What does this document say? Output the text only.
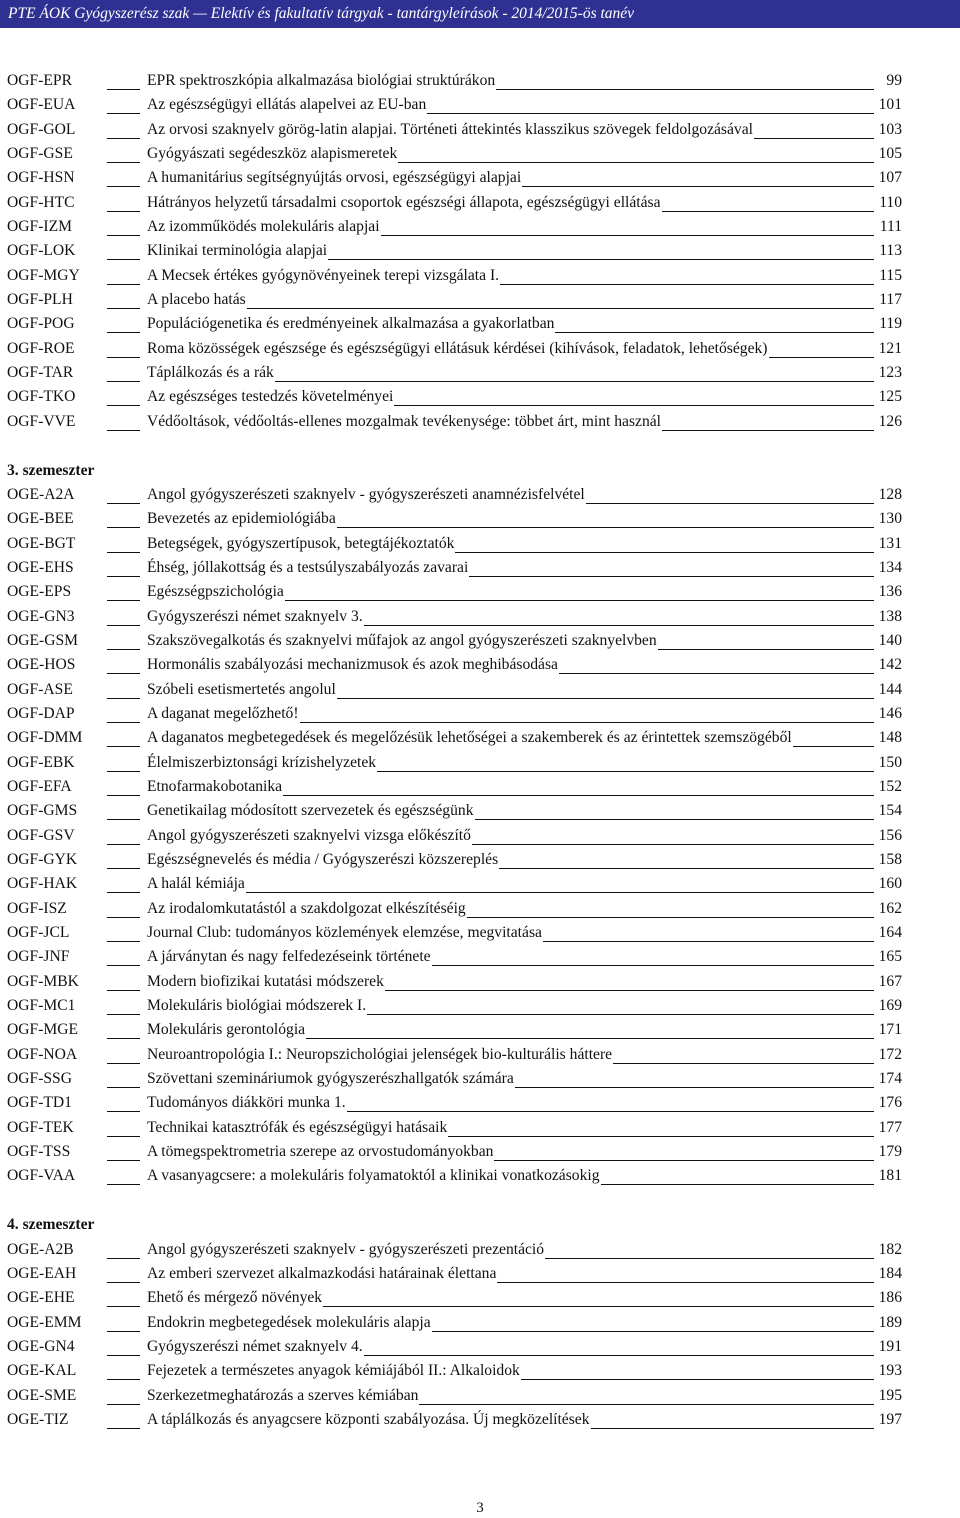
PTE ÁOK Gyógyszerész szak — Elektív és fakultatív tárgyak - tantárgyleírások - 2014/2015-ös tanév
OGF-EPR	EPR spektroszkópia alkalmazása biológiai struktúrákon	99
OGF-EUA	Az egészségügyi ellátás alapelvei az EU-ban	101
OGF-GOL	Az orvosi szaknyelv görög-latin alapjai. Történeti áttekintés klasszikus szövegek feldolgozásával	103
OGF-GSE	Gyógyászati segédeszköz alapismeretek	105
OGF-HSN	A humanitárius segítségnyújtás orvosi, egészségügyi alapjai	107
OGF-HTC	Hátrányos helyzetű társadalmi csoportok egészségi állapota, egészségügyi ellátása	110
OGF-IZM	Az izomműködés molekuláris alapjai	111
OGF-LOK	Klinikai terminológia alapjai	113
OGF-MGY	A Mecsek értékes gyógynövényeinek terepi vizsgálata I.	115
OGF-PLH	A placebo hatás	117
OGF-POG	Populációgenetika és eredményeinek alkalmazása a gyakorlatban	119
OGF-ROE	Roma közösségek egészsége és egészségügyi ellátásuk kérdései (kihívások, feladatok, lehetőségek)	121
OGF-TAR	Táplálkozás és a rák	123
OGF-TKO	Az egészséges testedzés követelményei	125
OGF-VVE	Védőoltások, védőoltás-ellenes mozgalmak tevékenysége: többet árt, mint használ	126
3. szemeszter
OGE-A2A	Angol gyógyszerészeti szaknyelv - gyógyszerészeti anamnézisfelvétel	128
OGE-BEE	Bevezetés az epidemiológiába	130
OGE-BGT	Betegségek, gyógyszertípusok, betegtájékoztatók	131
OGE-EHS	Éhség, jóllakottság és a testsúlyszabályozás zavarai	134
OGE-EPS	Egészségpszichológia	136
OGE-GN3	Gyógyszerészi német szaknyelv 3.	138
OGE-GSM	Szakszövegalkotás és szaknyelvi műfajok az angol gyógyszerészeti szaknyelvben	140
OGE-HOS	Hormonális szabályozási mechanizmusok és azok meghibásodása	142
OGF-ASE	Szóbeli esetismertetés angolul	144
OGF-DAP	A daganat megelőzhető!	146
OGF-DMM	A daganatos megbetegedések és megelőzésük lehetőségei a szakemberek és az érintettek szemszögéből	148
OGF-EBK	Élelmiszerbiztonsági krízishelyzetek	150
OGF-EFA	Etnofarmakobotanika	152
OGF-GMS	Genetikailag módosított szervezetek és egészségünk	154
OGF-GSV	Angol gyógyszerészeti szaknyelvi vizsga előkészítő	156
OGF-GYK	Egészségnevelés és média / Gyógyszerészi közszereplés	158
OGF-HAK	A halál kémiája	160
OGF-ISZ	Az irodalomkutatástól a szakdolgozat elkészítéséig	162
OGF-JCL	Journal Club: tudományos közlemények elemzése, megvitatása	164
OGF-JNF	A járványtan és nagy felfedezéseink története	165
OGF-MBK	Modern biofizikai kutatási módszerek	167
OGF-MC1	Molekuláris biológiai módszerek I.	169
OGF-MGE	Molekuláris gerontológia	171
OGF-NOA	Neuroantropológia I.: Neuropszichológiai jelenségek bio-kulturális háttere	172
OGF-SSG	Szövettani szemináriumok gyógyszerészhallgatók számára	174
OGF-TD1	Tudományos diákköri munka 1.	176
OGF-TEK	Technikai katasztrófák és egészségügyi hatásaik	177
OGF-TSS	A tömegspektrometria szerepe az orvostudományokban	179
OGF-VAA	A vasanyagcsere: a molekuláris folyamatoktól a klinikai vonatkozásokig	181
4. szemeszter
OGE-A2B	Angol gyógyszerészeti szaknyelv - gyógyszerészeti prezentáció	182
OGE-EAH	Az emberi szervezet alkalmazkodási határainak élettana	184
OGE-EHE	Ehető és mérgező növények	186
OGE-EMM	Endokrin megbetegedések molekuláris alapja	189
OGE-GN4	Gyógyszerészi német szaknyelv 4.	191
OGE-KAL	Fejezetek a természetes anyagok kémiájából II.: Alkaloidok	193
OGE-SME	Szerkezetmeghatározás a szerves kémiában	195
OGE-TIZ	A táplálkozás és anyagcsere központi szabályozása. Új megközelítések	197
3
